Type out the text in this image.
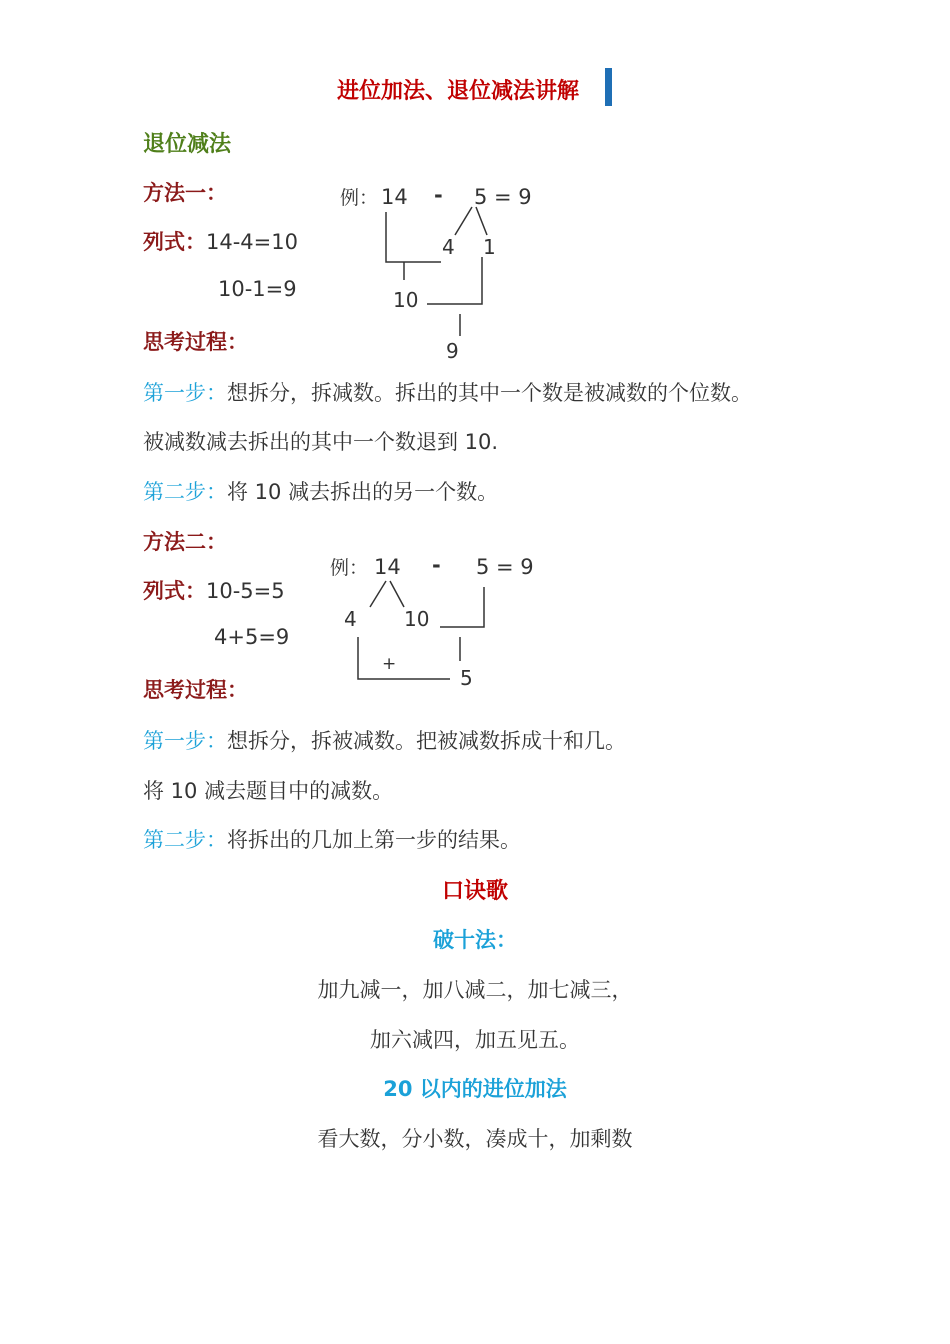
进位加法、退位减法讲解
退位减法
方法一：
列式：14-4=10
10-1=9
思考过程：
例： 14 - 5 = 9
4 1
10
9
第一步：想拆分，拆减数。拆出的其中一个数是被减数的个位数。
被减数减去拆出的其中一个数退到 10.
第二步：将 10 减去拆出的另一个数。
方法二：
列式：10-5=5
4+5=9
思考过程：
例： 14 - 5 = 9
4 10
5
+
第一步：想拆分，拆被减数。把被减数拆成十和几。
将 10 减去题目中的减数。
第二步：将拆出的几加上第一步的结果。
口诀歌
破十法：
加九减一，加八减二，加七减三，
加六减四，加五见五。
20 以内的进位加法
看大数，分小数，凑成十，加剩数
